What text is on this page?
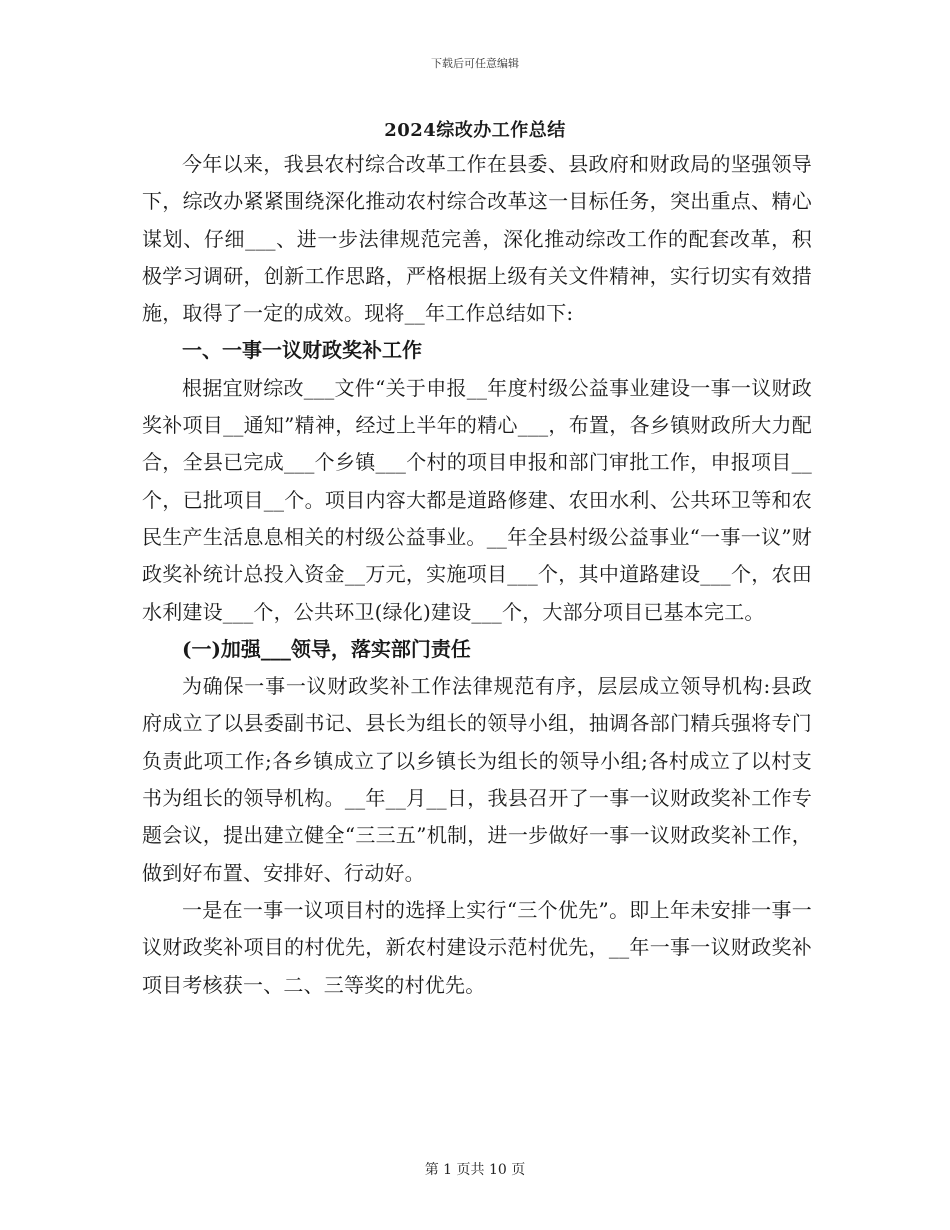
下载后可任意编辑
2024综改办工作总结

今年以来，我县农村综合改革工作在县委、县政府和财政局的坚强领导下，综改办紧紧围绕深化推动农村综合改革这一目标任务，突出重点、精心谋划、仔细___、进一步法律规范完善，深化推动综改工作的配套改革，积极学习调研，创新工作思路，严格根据上级有关文件精神，实行切实有效措施，取得了一定的成效。现将__年工作总结如下:

一、一事一议财政奖补工作

根据宜财综改___文件“关于申报__年度村级公益事业建设一事一议财政奖补项目__通知”精神，经过上半年的精心___，布置，各乡镇财政所大力配合，全县已完成___个乡镇___个村的项目申报和部门审批工作，申报项目__个，已批项目__个。项目内容大都是道路修建、农田水利、公共环卫等和农民生产生活息息相关的村级公益事业。__年全县村级公益事业“一事一议”财政奖补统计总投入资金__万元，实施项目___个，其中道路建设___个，农田水利建设___个，公共环卫(绿化)建设___个，大部分项目已基本完工。

(一)加强___领导，落实部门责任

为确保一事一议财政奖补工作法律规范有序，层层成立领导机构:县政府成立了以县委副书记、县长为组长的领导小组，抽调各部门精兵强将专门负责此项工作;各乡镇成立了以乡镇长为组长的领导小组;各村成立了以村支书为组长的领导机构。__年__月__日，我县召开了一事一议财政奖补工作专题会议，提出建立健全“三三五”机制，进一步做好一事一议财政奖补工作，做到好布置、安排好、行动好。

一是在一事一议项目村的选择上实行“三个优先”。即上年未安排一事一议财政奖补项目的村优先，新农村建设示范村优先，__年一事一议财政奖补项目考核获一、二、三等奖的村优先。

第 1 页共 10 页
